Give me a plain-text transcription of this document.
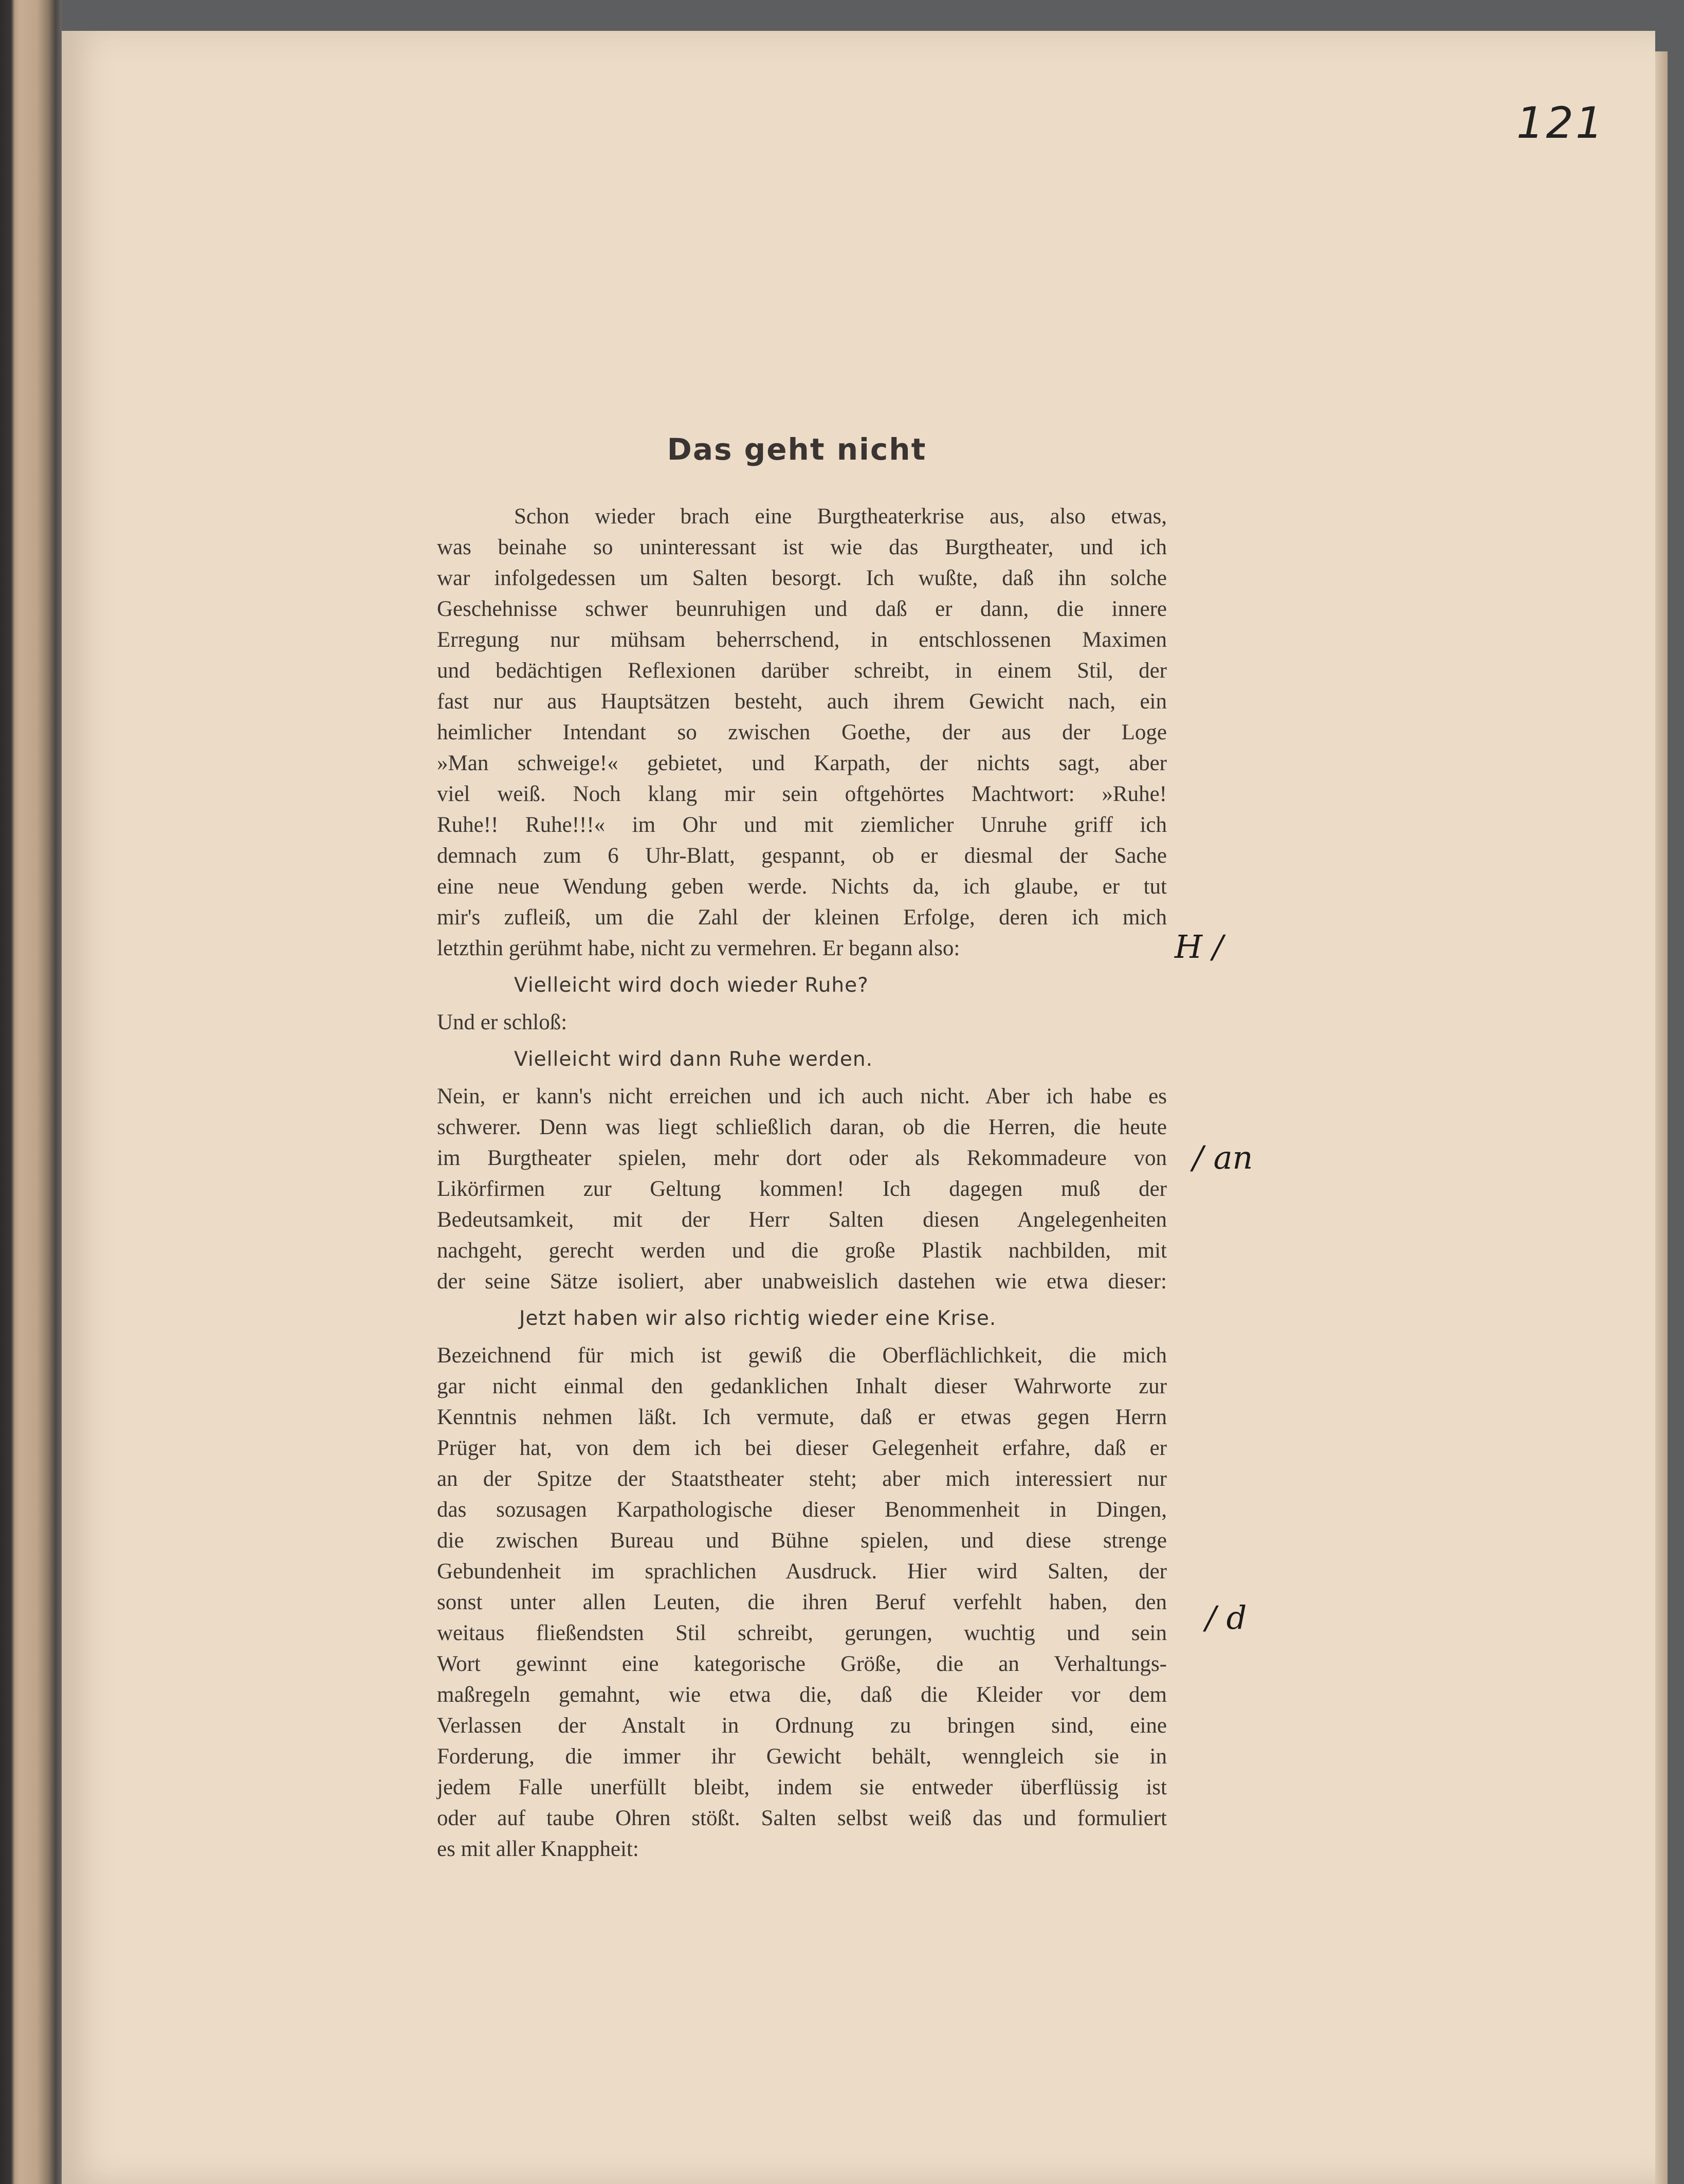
121
Das geht nicht
Schon wieder brach eine Burgtheaterkrise aus, also etwas,
was beinahe so uninteressant ist wie das Burgtheater, und ich
war infolgedessen um Salten besorgt. Ich wußte, daß ihn solche
Geschehnisse schwer beunruhigen und daß er dann, die innere
Erregung nur mühsam beherrschend, in entschlossenen Maximen
und bedächtigen Reflexionen darüber schreibt, in einem Stil, der
fast nur aus Hauptsätzen besteht, auch ihrem Gewicht nach, ein
heimlicher Intendant so zwischen Goethe, der aus der Loge
»Man schweige!« gebietet, und Karpath, der nichts sagt, aber
viel weiß. Noch klang mir sein oftgehörtes Machtwort: »Ruhe!
Ruhe!! Ruhe!!!« im Ohr und mit ziemlicher Unruhe griff ich
demnach zum 6 Uhr-Blatt, gespannt, ob er diesmal der Sache
eine neue Wendung geben werde. Nichts da, ich glaube, er tut
mir's zufleiß, um die Zahl der kleinen Erfolge, deren ich mich
letzthin gerühmt habe, nicht zu vermehren. Er begann also:
Vielleicht wird doch wieder Ruhe?
Und er schloß:
Vielleicht wird dann Ruhe werden.
Nein, er kann's nicht erreichen und ich auch nicht. Aber ich habe es
schwerer. Denn was liegt schließlich daran, ob die Herren, die heute
im Burgtheater spielen, mehr dort oder als Rekommadeure von
Likörfirmen zur Geltung kommen! Ich dagegen muß der
Bedeutsamkeit, mit der Herr Salten diesen Angelegenheiten
nachgeht, gerecht werden und die große Plastik nachbilden, mit
der seine Sätze isoliert, aber unabweislich dastehen wie etwa dieser:
Jetzt haben wir also richtig wieder eine Krise.
Bezeichnend für mich ist gewiß die Oberflächlichkeit, die mich
gar nicht einmal den gedanklichen Inhalt dieser Wahrworte zur
Kenntnis nehmen läßt. Ich vermute, daß er etwas gegen Herrn
Prüger hat, von dem ich bei dieser Gelegenheit erfahre, daß er
an der Spitze der Staatstheater steht; aber mich interessiert nur
das sozusagen Karpathologische dieser Benommenheit in Dingen,
die zwischen Bureau und Bühne spielen, und diese strenge
Gebundenheit im sprachlichen Ausdruck. Hier wird Salten, der
sonst unter allen Leuten, die ihren Beruf verfehlt haben, den
weitaus fließendsten Stil schreibt, gerungen, wuchtig und sein
Wort gewinnt eine kategorische Größe, die an Verhaltungs-
maßregeln gemahnt, wie etwa die, daß die Kleider vor dem
Verlassen der Anstalt in Ordnung zu bringen sind, eine
Forderung, die immer ihr Gewicht behält, wenngleich sie in
jedem Falle unerfüllt bleibt, indem sie entweder überflüssig ist
oder auf taube Ohren stößt. Salten selbst weiß das und formuliert
es mit aller Knappheit:
H /
/ an
/ d
